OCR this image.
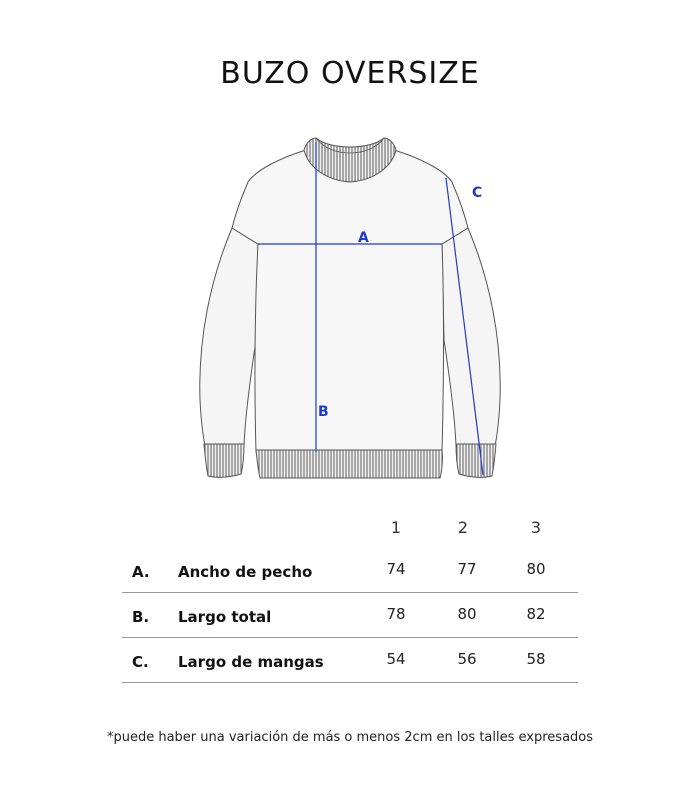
BUZO OVERSIZE
A
B
C
1	2	3
A. Ancho de pecho	74	77	80
B. Largo total	78	80	82
C. Largo de mangas	54	56	58
*puede haber una variación de más o menos 2cm en los talles expresados
